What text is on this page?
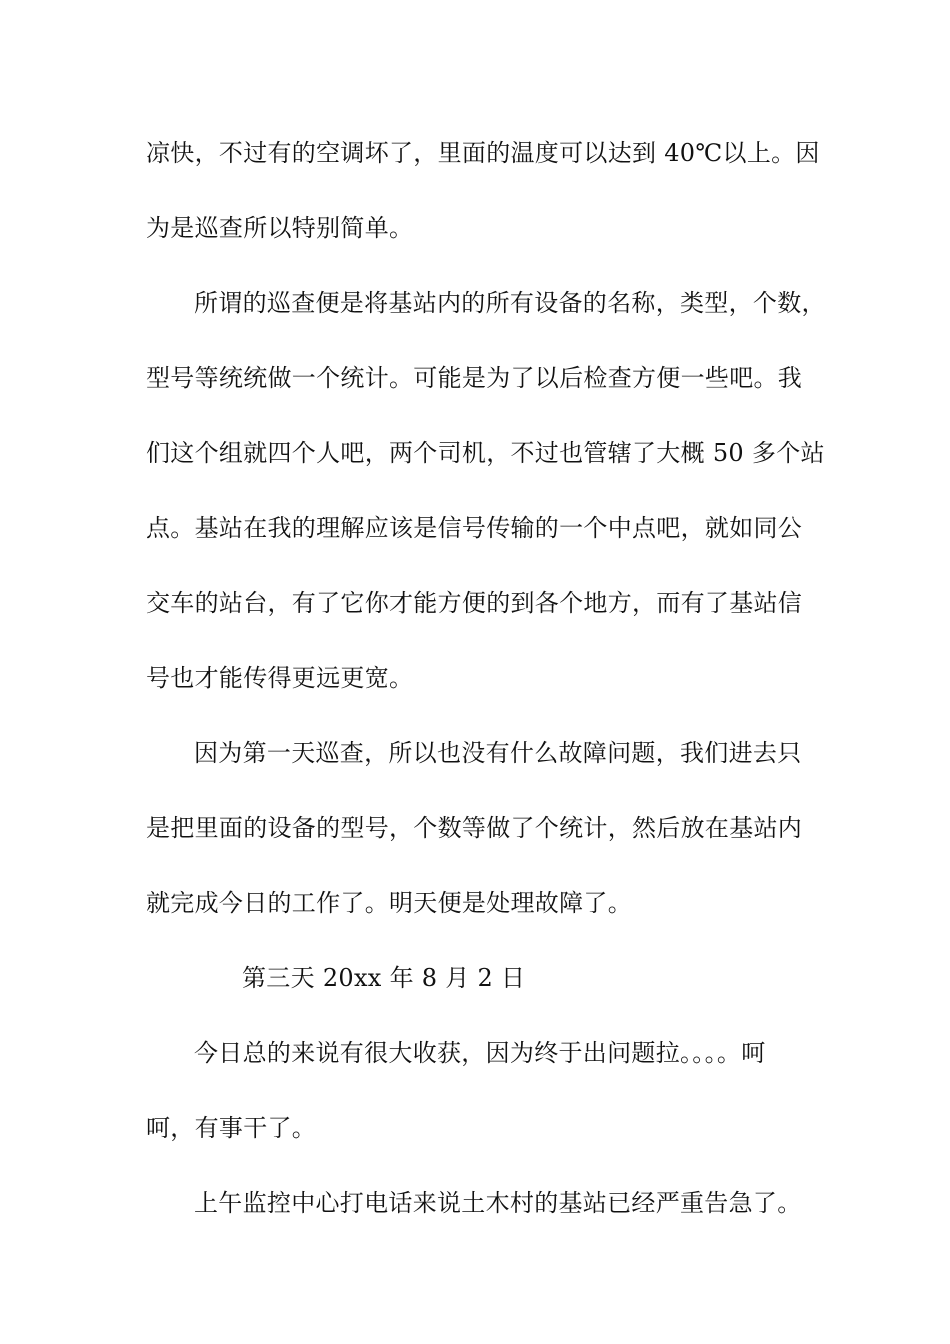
凉快，不过有的空调坏了，里面的温度可以达到 40℃以上。因
为是巡查所以特别简单。
所谓的巡查便是将基站内的所有设备的名称，类型，个数，
型号等统统做一个统计。可能是为了以后检查方便一些吧。我
们这个组就四个人吧，两个司机，不过也管辖了大概 50 多个站
点。基站在我的理解应该是信号传输的一个中点吧，就如同公
交车的站台，有了它你才能方便的到各个地方，而有了基站信
号也才能传得更远更宽。
因为第一天巡查，所以也没有什么故障问题，我们进去只
是把里面的设备的型号，个数等做了个统计，然后放在基站内
就完成今日的工作了。明天便是处理故障了。
第三天 20xx 年 8 月 2 日
今日总的来说有很大收获，因为终于出问题拉。。。。呵
呵，有事干了。
上午监控中心打电话来说土木村的基站已经严重告急了。
